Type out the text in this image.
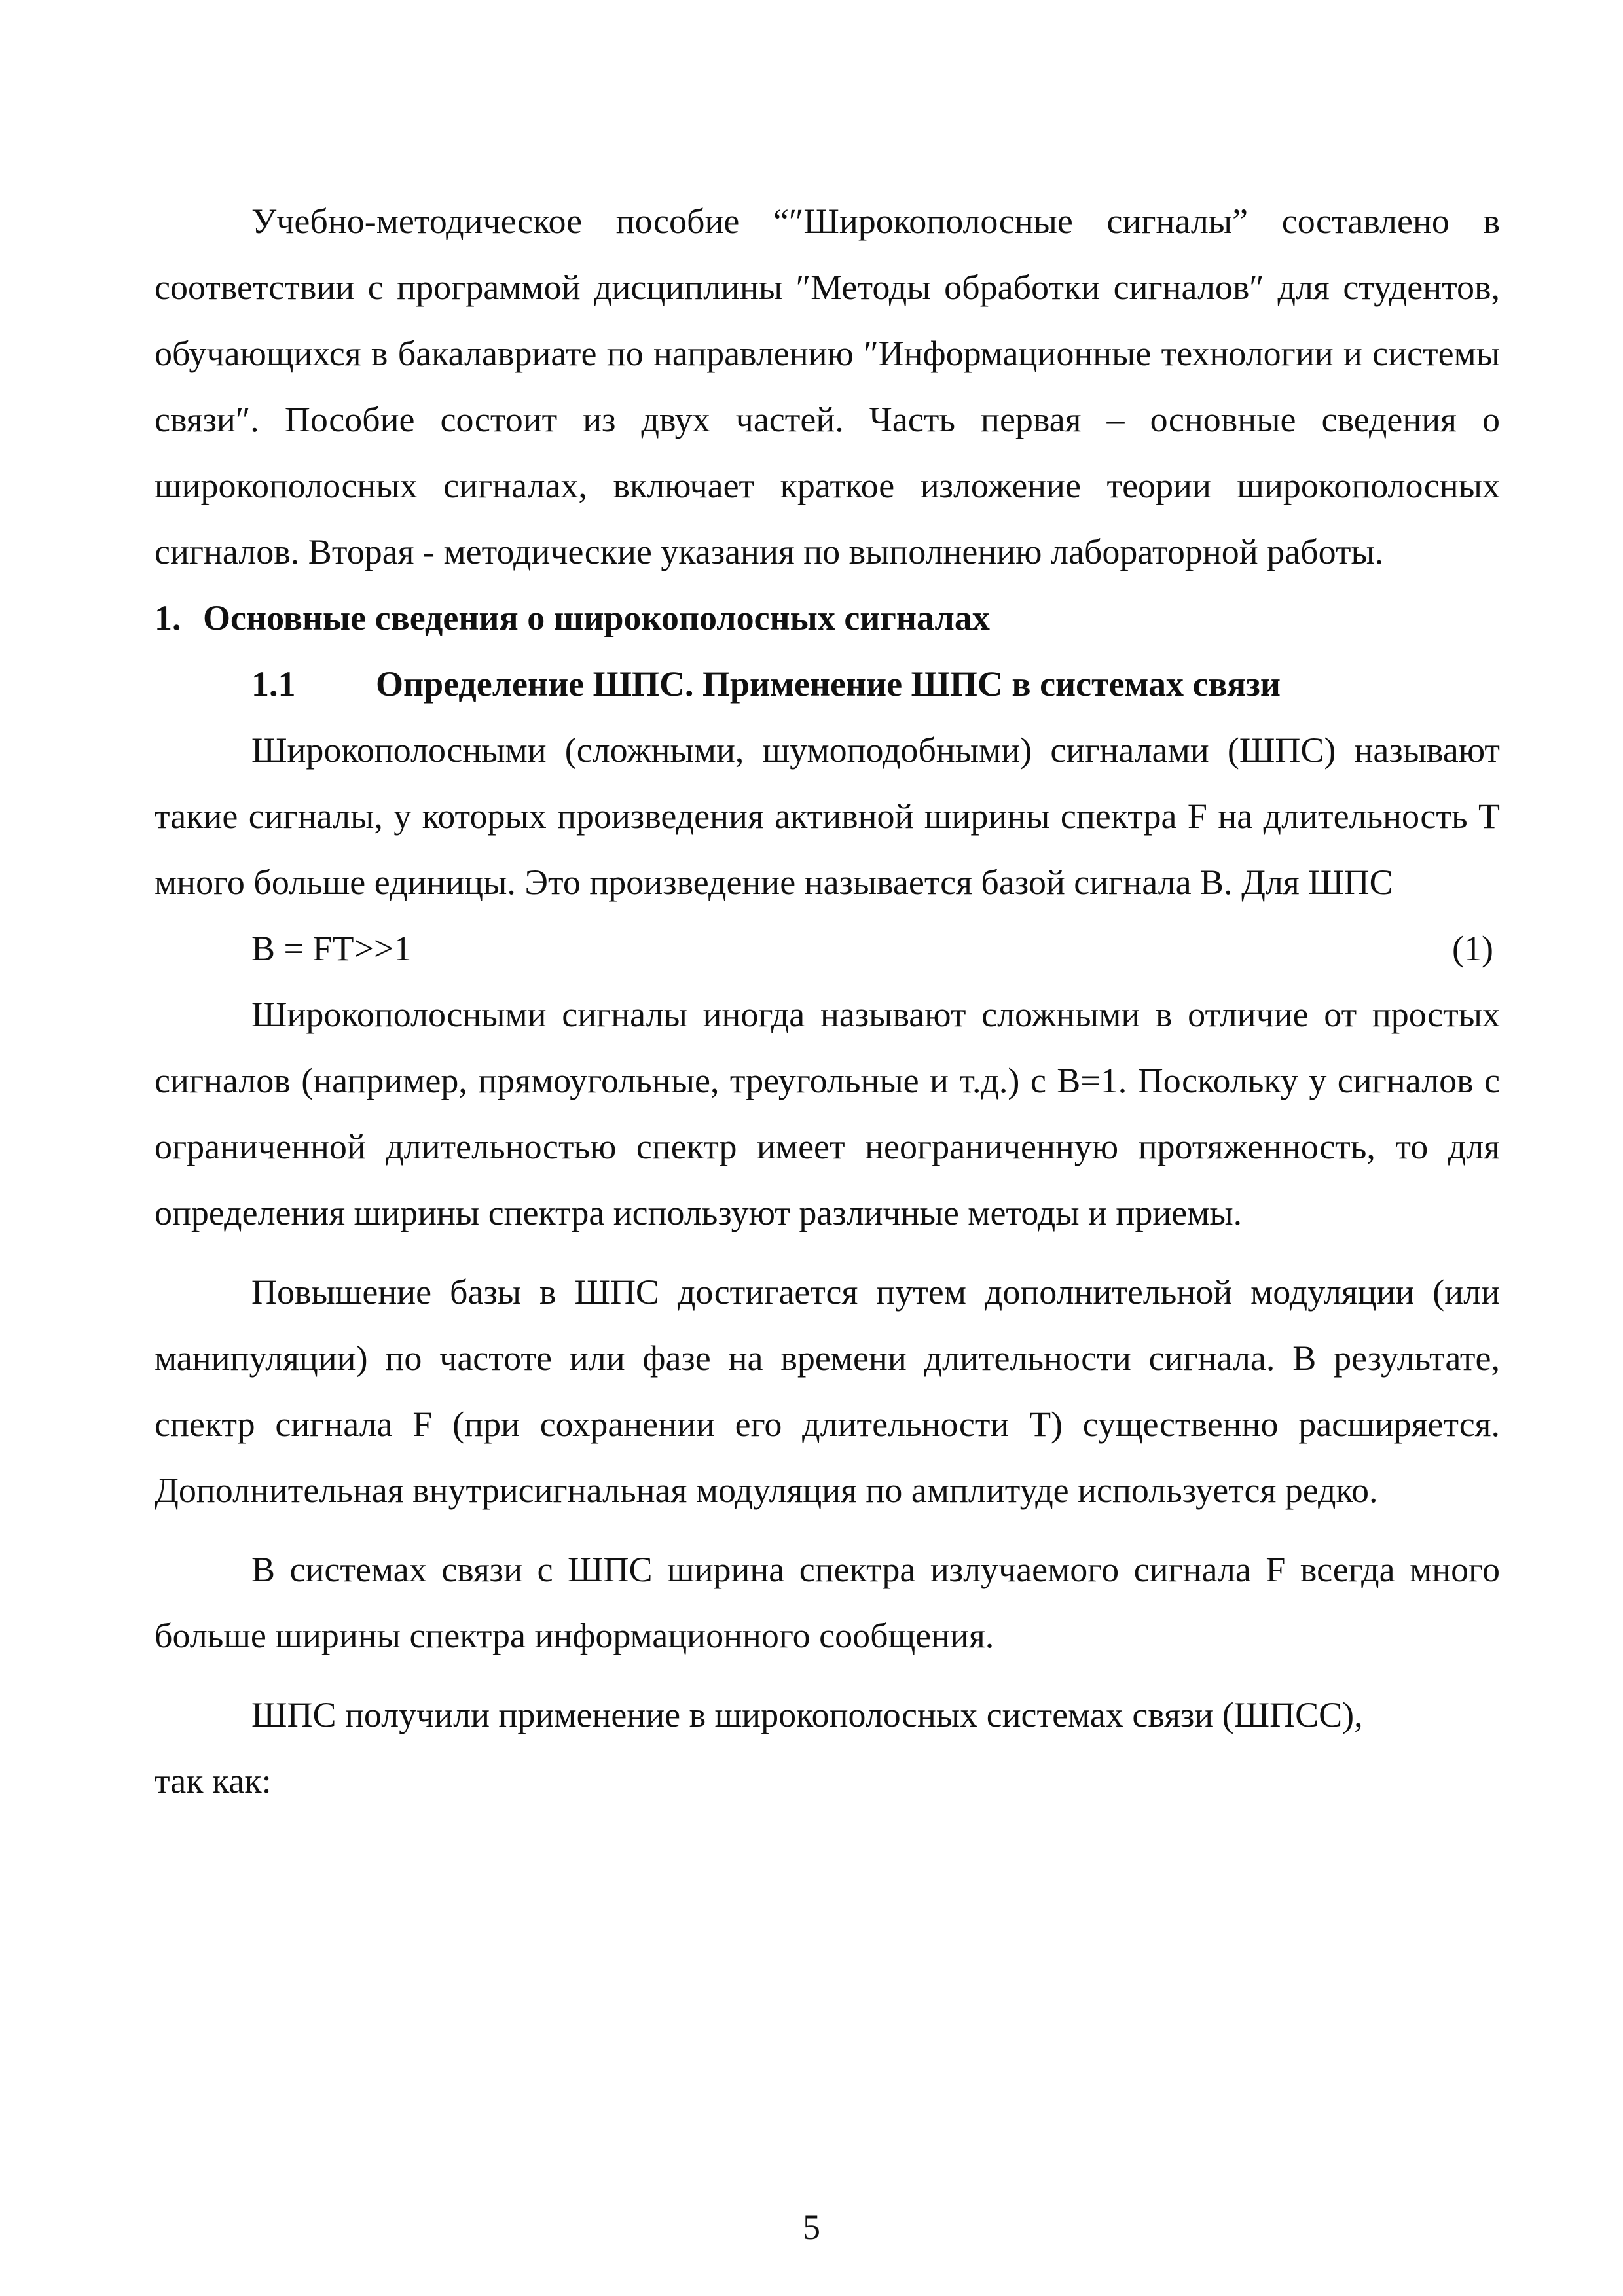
Учебно-методическое пособие “″Широкополосные сигналы” составлено в соответствии с программой дисциплины ″Методы обработки сигналов″ для студентов, обучающихся в бакалавриате по направлению ″Информационные технологии и системы связи″. Пособие состоит из двух частей. Часть первая – основные сведения о широкополосных сигналах, включает краткое изложение теории широкополосных сигналов. Вторая - методические указания по выполнению лабораторной работы.

1. Основные сведения о широкополосных сигналах

1.1 Определение ШПС. Применение ШПС в системах связи

Широкополосными (сложными, шумоподобными) сигналами (ШПС) называют такие сигналы, у которых произведения активной ширины спектра F на длительность T много больше единицы. Это произведение называется базой сигнала B. Для ШПС

B = FT>>1	(1)

Широкополосными сигналы иногда называют сложными в отличие от простых сигналов (например, прямоугольные, треугольные и т.д.) с B=1. Поскольку у сигналов с ограниченной длительностью спектр имеет неограниченную протяженность, то для определения ширины спектра используют различные методы и приемы.

Повышение базы в ШПС достигается путем дополнительной модуляции (или манипуляции) по частоте или фазе на времени длительности сигнала. В результате, спектр сигнала F (при сохранении его длительности T) существенно расширяется. Дополнительная внутрисигнальная модуляция по амплитуде используется редко.

В системах связи с ШПС ширина спектра излучаемого сигнала F всегда много больше ширины спектра информационного сообщения.

ШПС получили применение в широкополосных системах связи (ШПСС),

так как:

5
